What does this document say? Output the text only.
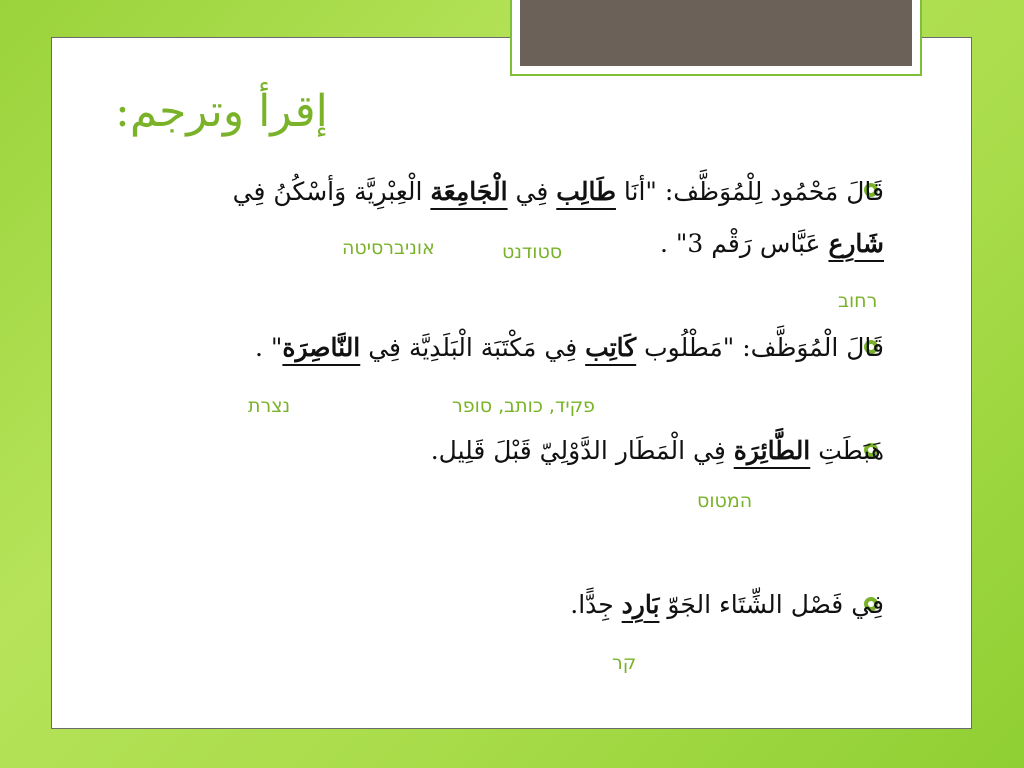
إقرأ وترجم:
قَالَ مَحْمُود لِلْمُوَظَّف: "أنَا طَالِب فِي الْجَامِعَة الْعِبْرِيَّة وَأسْكُنُ فِي
شَارِع عَبَّاس رَقْم 3" .
قَالَ الْمُوَظَّف: "مَطْلُوب كَاتِب فِي مَكْتَبَة الْبَلَدِيَّة فِي النَّاصِرَة" .
هَبَطَتِ الطَّائِرَة فِي الْمَطَار الدَّوْلِيّ قَبْلَ قَلِيل.
فِي فَصْل الشِّتَاء الجَوّ بَارِد جِدًّا.
אוניברסיטה	סטודנט
רחוב
נצרת	פקיד, כותב, סופר
המטוס
קר
